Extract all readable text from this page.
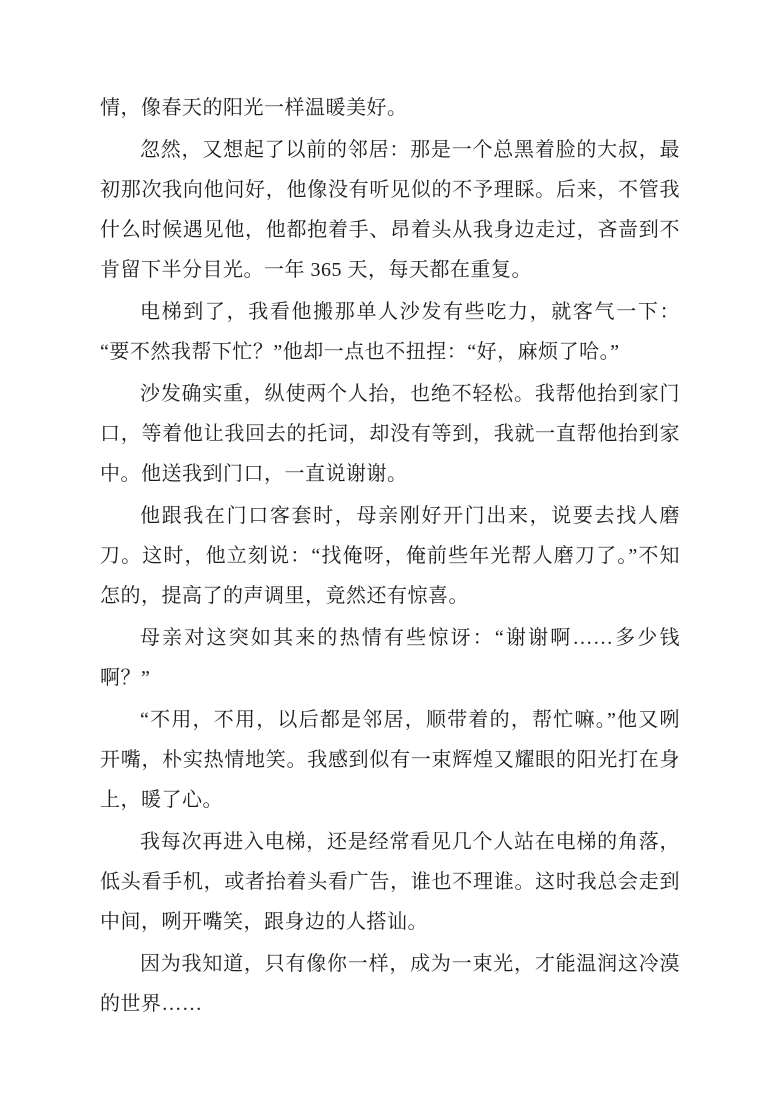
情，像春天的阳光一样温暖美好。

忽然，又想起了以前的邻居：那是一个总黑着脸的大叔，最初那次我向他问好，他像没有听见似的不予理睬。后来，不管我什么时候遇见他，他都抱着手、昂着头从我身边走过，吝啬到不肯留下半分目光。一年 365 天，每天都在重复。

电梯到了，我看他搬那单人沙发有些吃力，就客气一下：“要不然我帮下忙？”他却一点也不扭捏：“好，麻烦了哈。”

沙发确实重，纵使两个人抬，也绝不轻松。我帮他抬到家门口，等着他让我回去的托词，却没有等到，我就一直帮他抬到家中。他送我到门口，一直说谢谢。

他跟我在门口客套时，母亲刚好开门出来，说要去找人磨刀。这时，他立刻说：“找俺呀，俺前些年光帮人磨刀了。”不知怎的，提高了的声调里，竟然还有惊喜。

母亲对这突如其来的热情有些惊讶：“谢谢啊……多少钱啊？”

“不用，不用，以后都是邻居，顺带着的，帮忙嘛。”他又咧开嘴，朴实热情地笑。我感到似有一束辉煌又耀眼的阳光打在身上，暖了心。

我每次再进入电梯，还是经常看见几个人站在电梯的角落，低头看手机，或者抬着头看广告，谁也不理谁。这时我总会走到中间，咧开嘴笑，跟身边的人搭讪。

因为我知道，只有像你一样，成为一束光，才能温润这冷漠的世界……
